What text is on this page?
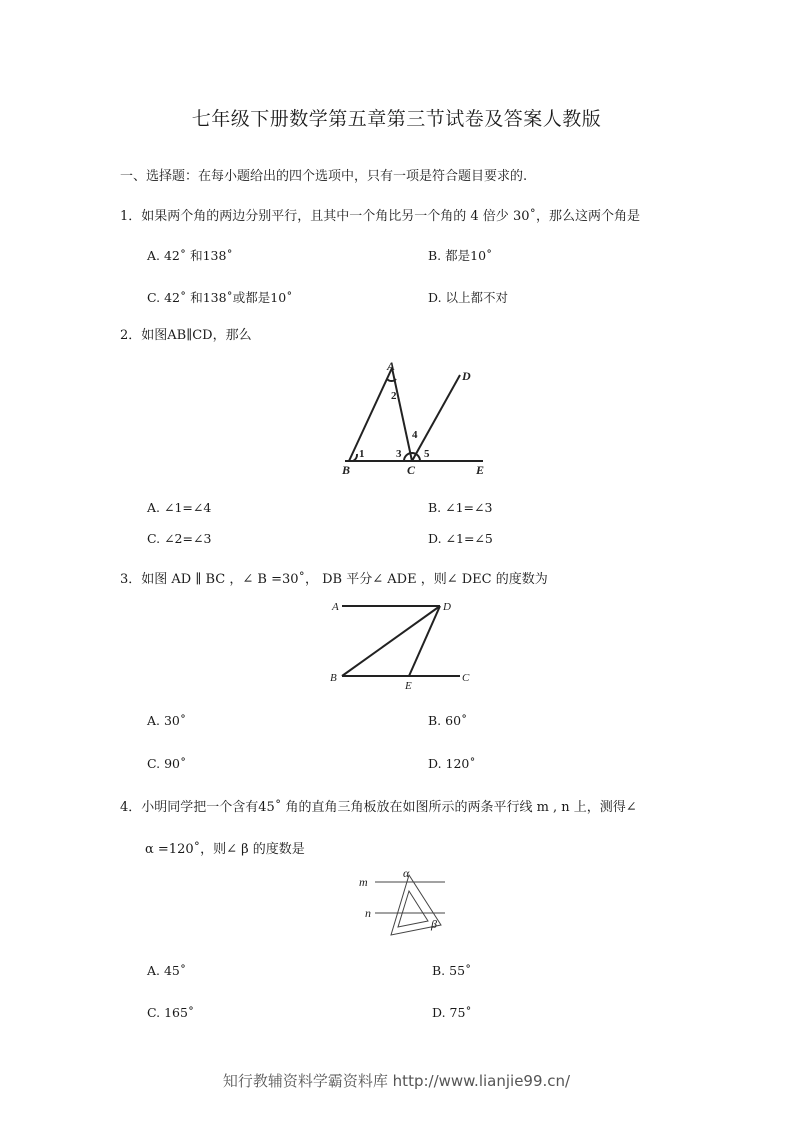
七年级下册数学第五章第三节试卷及答案人教版
一、选择题：在每小题给出的四个选项中，只有一项是符合题目要求的.
1．如果两个角的两边分别平行，且其中一个角比另一个角的 4 倍少 30˚，那么这两个角是
A. 42˚ 和138˚	B. 都是10˚
C. 42˚ 和138˚或都是10˚	D. 以上都不对
2．如图AB∥CD，那么
A
B	C
D
E
1
2
3
4
5
A. ∠1=∠4	B. ∠1=∠3
C. ∠2=∠3	D. ∠1=∠5
3．如图 AD ∥ BC ，∠ B =30˚， DB 平分∠ ADE ，则∠ DEC 的度数为
A	D
B
E
C
A. 30˚	B. 60˚
C. 90˚	D. 120˚
4．小明同学把一个含有45˚ 角的直角三角板放在如图所示的两条平行线 m , n 上，测得∠
α =120˚，则∠ β 的度数是
m
n
α
β
A. 45˚	B. 55˚
C. 165˚	D. 75˚
知行教辅资料学霸资料库 http://www.lianjie99.cn/
